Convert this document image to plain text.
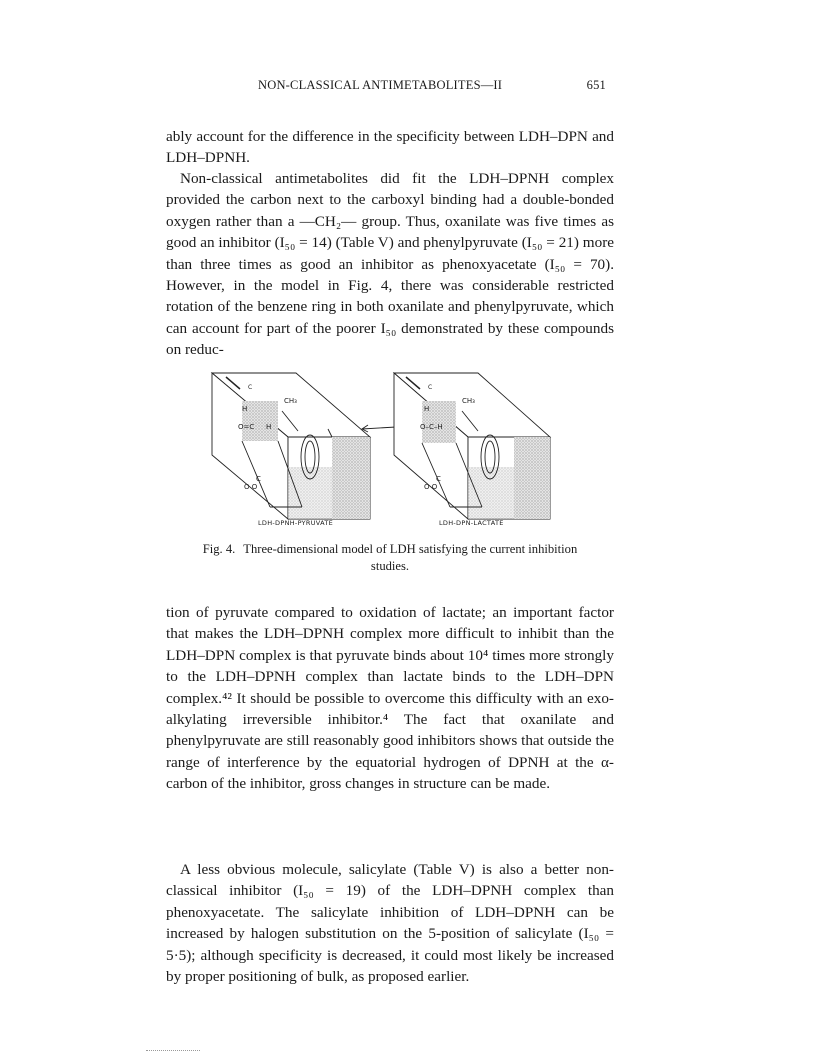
NON-CLASSICAL ANTIMETABOLITES—II	651
ably account for the difference in the specificity between LDH–DPN and LDH–DPNH.
Non-classical antimetabolites did fit the LDH–DPNH complex provided the carbon next to the carboxyl binding had a double-bonded oxygen rather than a —CH₂— group. Thus, oxanilate was five times as good an inhibitor (I₅₀ = 14) (Table V) and phenylpyruvate (I₅₀ = 21) more than three times as good an inhibitor as phenoxyacetate (I₅₀ = 70). However, in the model in Fig. 4, there was considerable restricted rotation of the benzene ring in both oxanilate and phenylpyruvate, which can account for part of the poorer I₅₀ demonstrated by these compounds on reduc-
H
O=C H
CH₃
C
O O
C
H
O–C–H
CH₃
C
O O
C
LDH-DPNH-PYRUVATE	LDH-DPN-LACTATE
Fig. 4. Three-dimensional model of LDH satisfying the current inhibition studies.
tion of pyruvate compared to oxidation of lactate; an important factor that makes the LDH–DPNH complex more difficult to inhibit than the LDH–DPN complex is that pyruvate binds about 10⁴ times more strongly to the LDH–DPNH complex than lactate binds to the LDH–DPN complex.⁴² It should be possible to overcome this difficulty with an exo-alkylating irreversible inhibitor.⁴ The fact that oxanilate and phenylpyruvate are still reasonably good inhibitors shows that outside the range of interference by the equatorial hydrogen of DPNH at the α-carbon of the inhibitor, gross changes in structure can be made.
A less obvious molecule, salicylate (Table V) is also a better non-classical inhibitor (I₅₀ = 19) of the LDH–DPNH complex than phenoxyacetate. The salicylate inhibition of LDH–DPNH can be increased by halogen substitution on the 5-position of salicylate (I₅₀ = 5·5); although specificity is decreased, it could most likely be increased by proper positioning of bulk, as proposed earlier.
